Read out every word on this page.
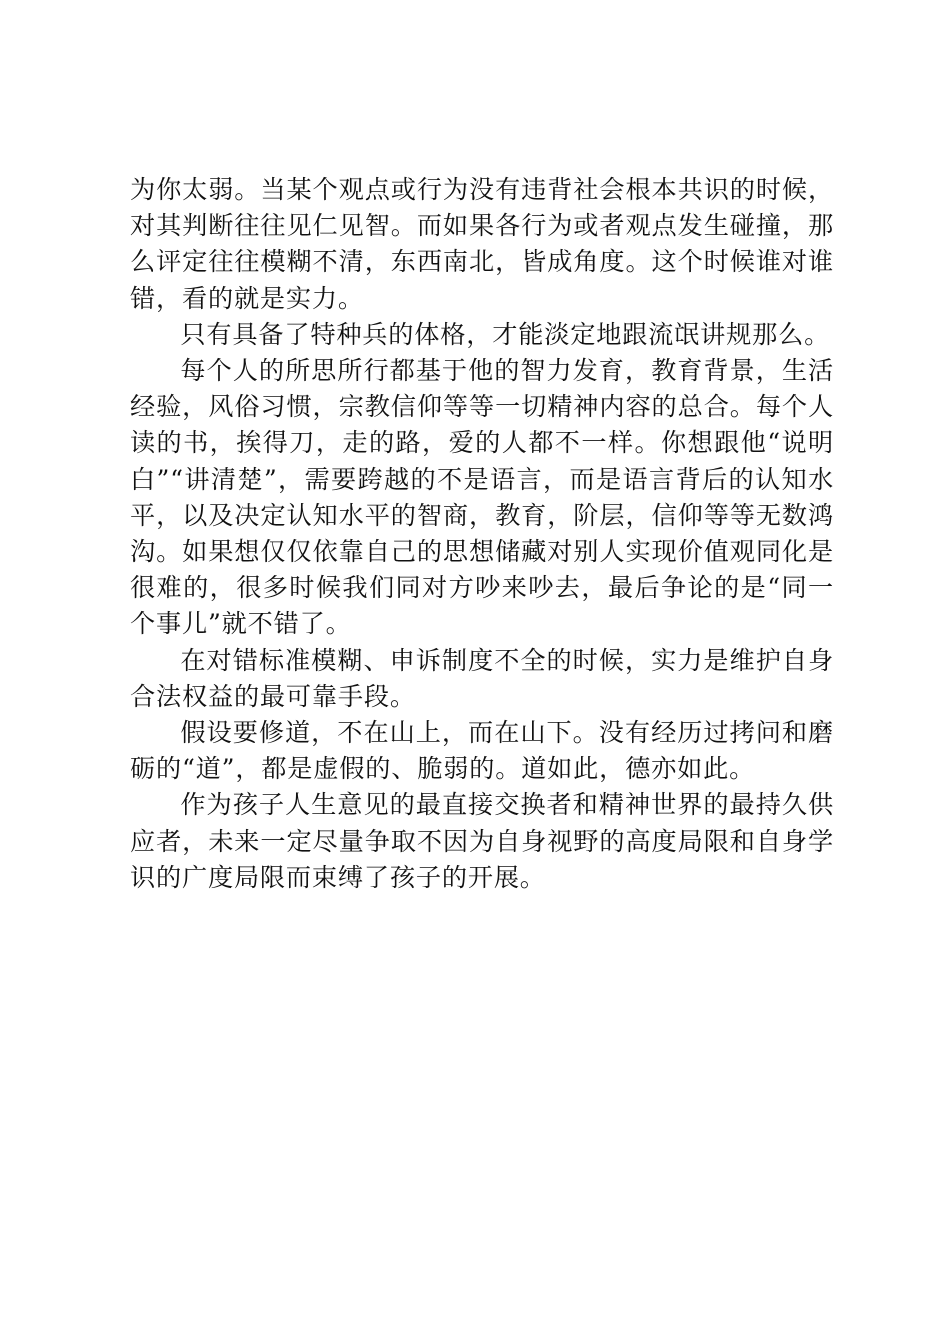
为你太弱。当某个观点或行为没有违背社会根本共识的时候，对其判断往往见仁见智。而如果各行为或者观点发生碰撞，那么评定往往模糊不清，东西南北，皆成角度。这个时候谁对谁错，看的就是实力。

只有具备了特种兵的体格，才能淡定地跟流氓讲规那么。

每个人的所思所行都基于他的智力发育，教育背景，生活经验，风俗习惯，宗教信仰等等一切精神内容的总合。每个人读的书，挨得刀，走的路，爱的人都不一样。你想跟他“说明白”“讲清楚”，需要跨越的不是语言，而是语言背后的认知水平，以及决定认知水平的智商，教育，阶层，信仰等等无数鸿沟。如果想仅仅依靠自己的思想储藏对别人实现价值观同化是很难的，很多时候我们同对方吵来吵去，最后争论的是“同一个事儿”就不错了。

在对错标准模糊、申诉制度不全的时候，实力是维护自身合法权益的最可靠手段。

假设要修道，不在山上，而在山下。没有经历过拷问和磨砺的“道”，都是虚假的、脆弱的。道如此，德亦如此。

作为孩子人生意见的最直接交换者和精神世界的最持久供应者，未来一定尽量争取不因为自身视野的高度局限和自身学识的广度局限而束缚了孩子的开展。
